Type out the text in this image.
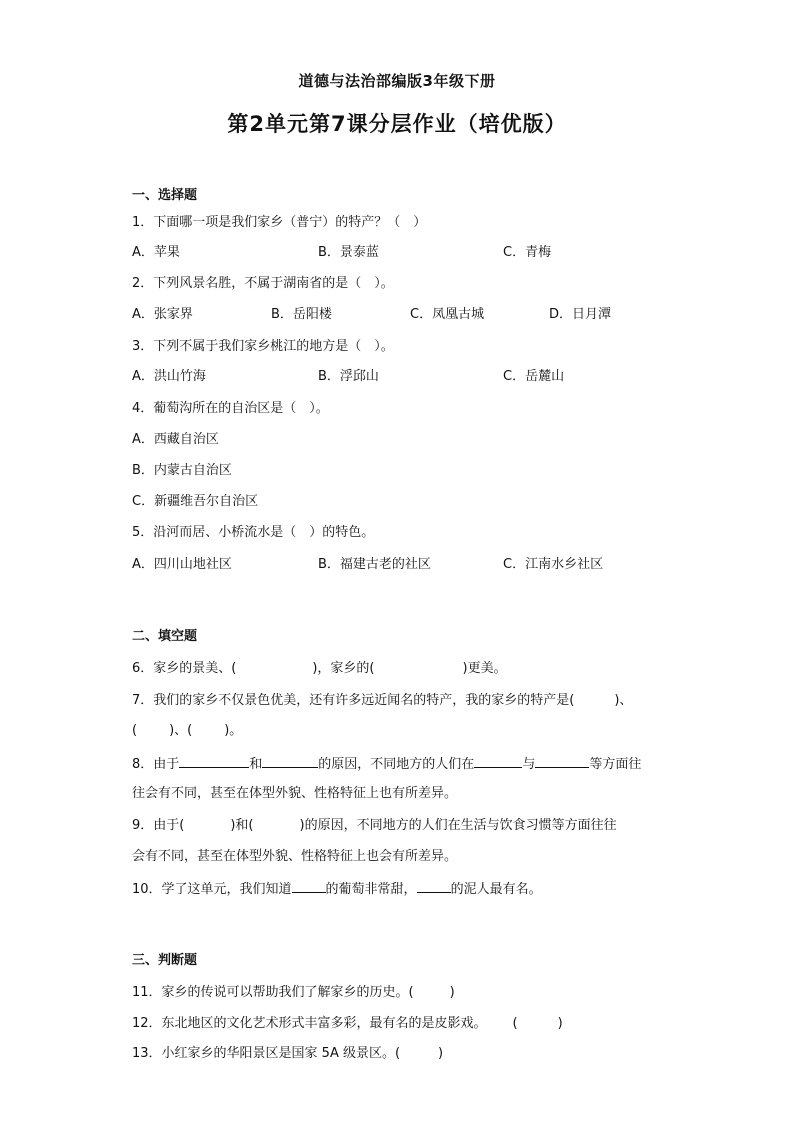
道德与法治部编版3年级下册
第2单元第7课分层作业（培优版）
一、选择题
1．下面哪一项是我们家乡（普宁）的特产？（　）
A．苹果	B．景泰蓝	C．青梅
2．下列风景名胜，不属于湖南省的是（　）。
A．张家界	B．岳阳楼	C．凤凰古城	D．日月潭
3．下列不属于我们家乡桃江的地方是（　）。
A．洪山竹海	B．浮邱山	C．岳麓山
4．葡萄沟所在的自治区是（　）。
A．西藏自治区
B．内蒙古自治区
C．新疆维吾尔自治区
5．沿河而居、小桥流水是（　）的特色。
A．四川山地社区	B．福建古老的社区	C．江南水乡社区
二、填空题
6．家乡的景美、(	)，家乡的(	)更美。
7．我们的家乡不仅景色优美，还有许多远近闻名的特产，我的家乡的特产是(	)、
( )、( )。
8．由于	和	的原因，不同地方的人们在	与	等方面往
往会有不同，甚至在体型外貌、性格特征上也有所差异。
9．由于(	)和(	)的原因，不同地方的人们在生活与饮食习惯等方面往往
会有不同，甚至在体型外貌、性格特征上也会有所差异。
10．学了这单元，我们知道	的葡萄非常甜，	的泥人最有名。
三、判断题
11．家乡的传说可以帮助我们了解家乡的历史。(	)
12．东北地区的文化艺术形式丰富多彩，最有名的是皮影戏。 (	)
13．小红家乡的华阳景区是国家 5A 级景区。(	)
